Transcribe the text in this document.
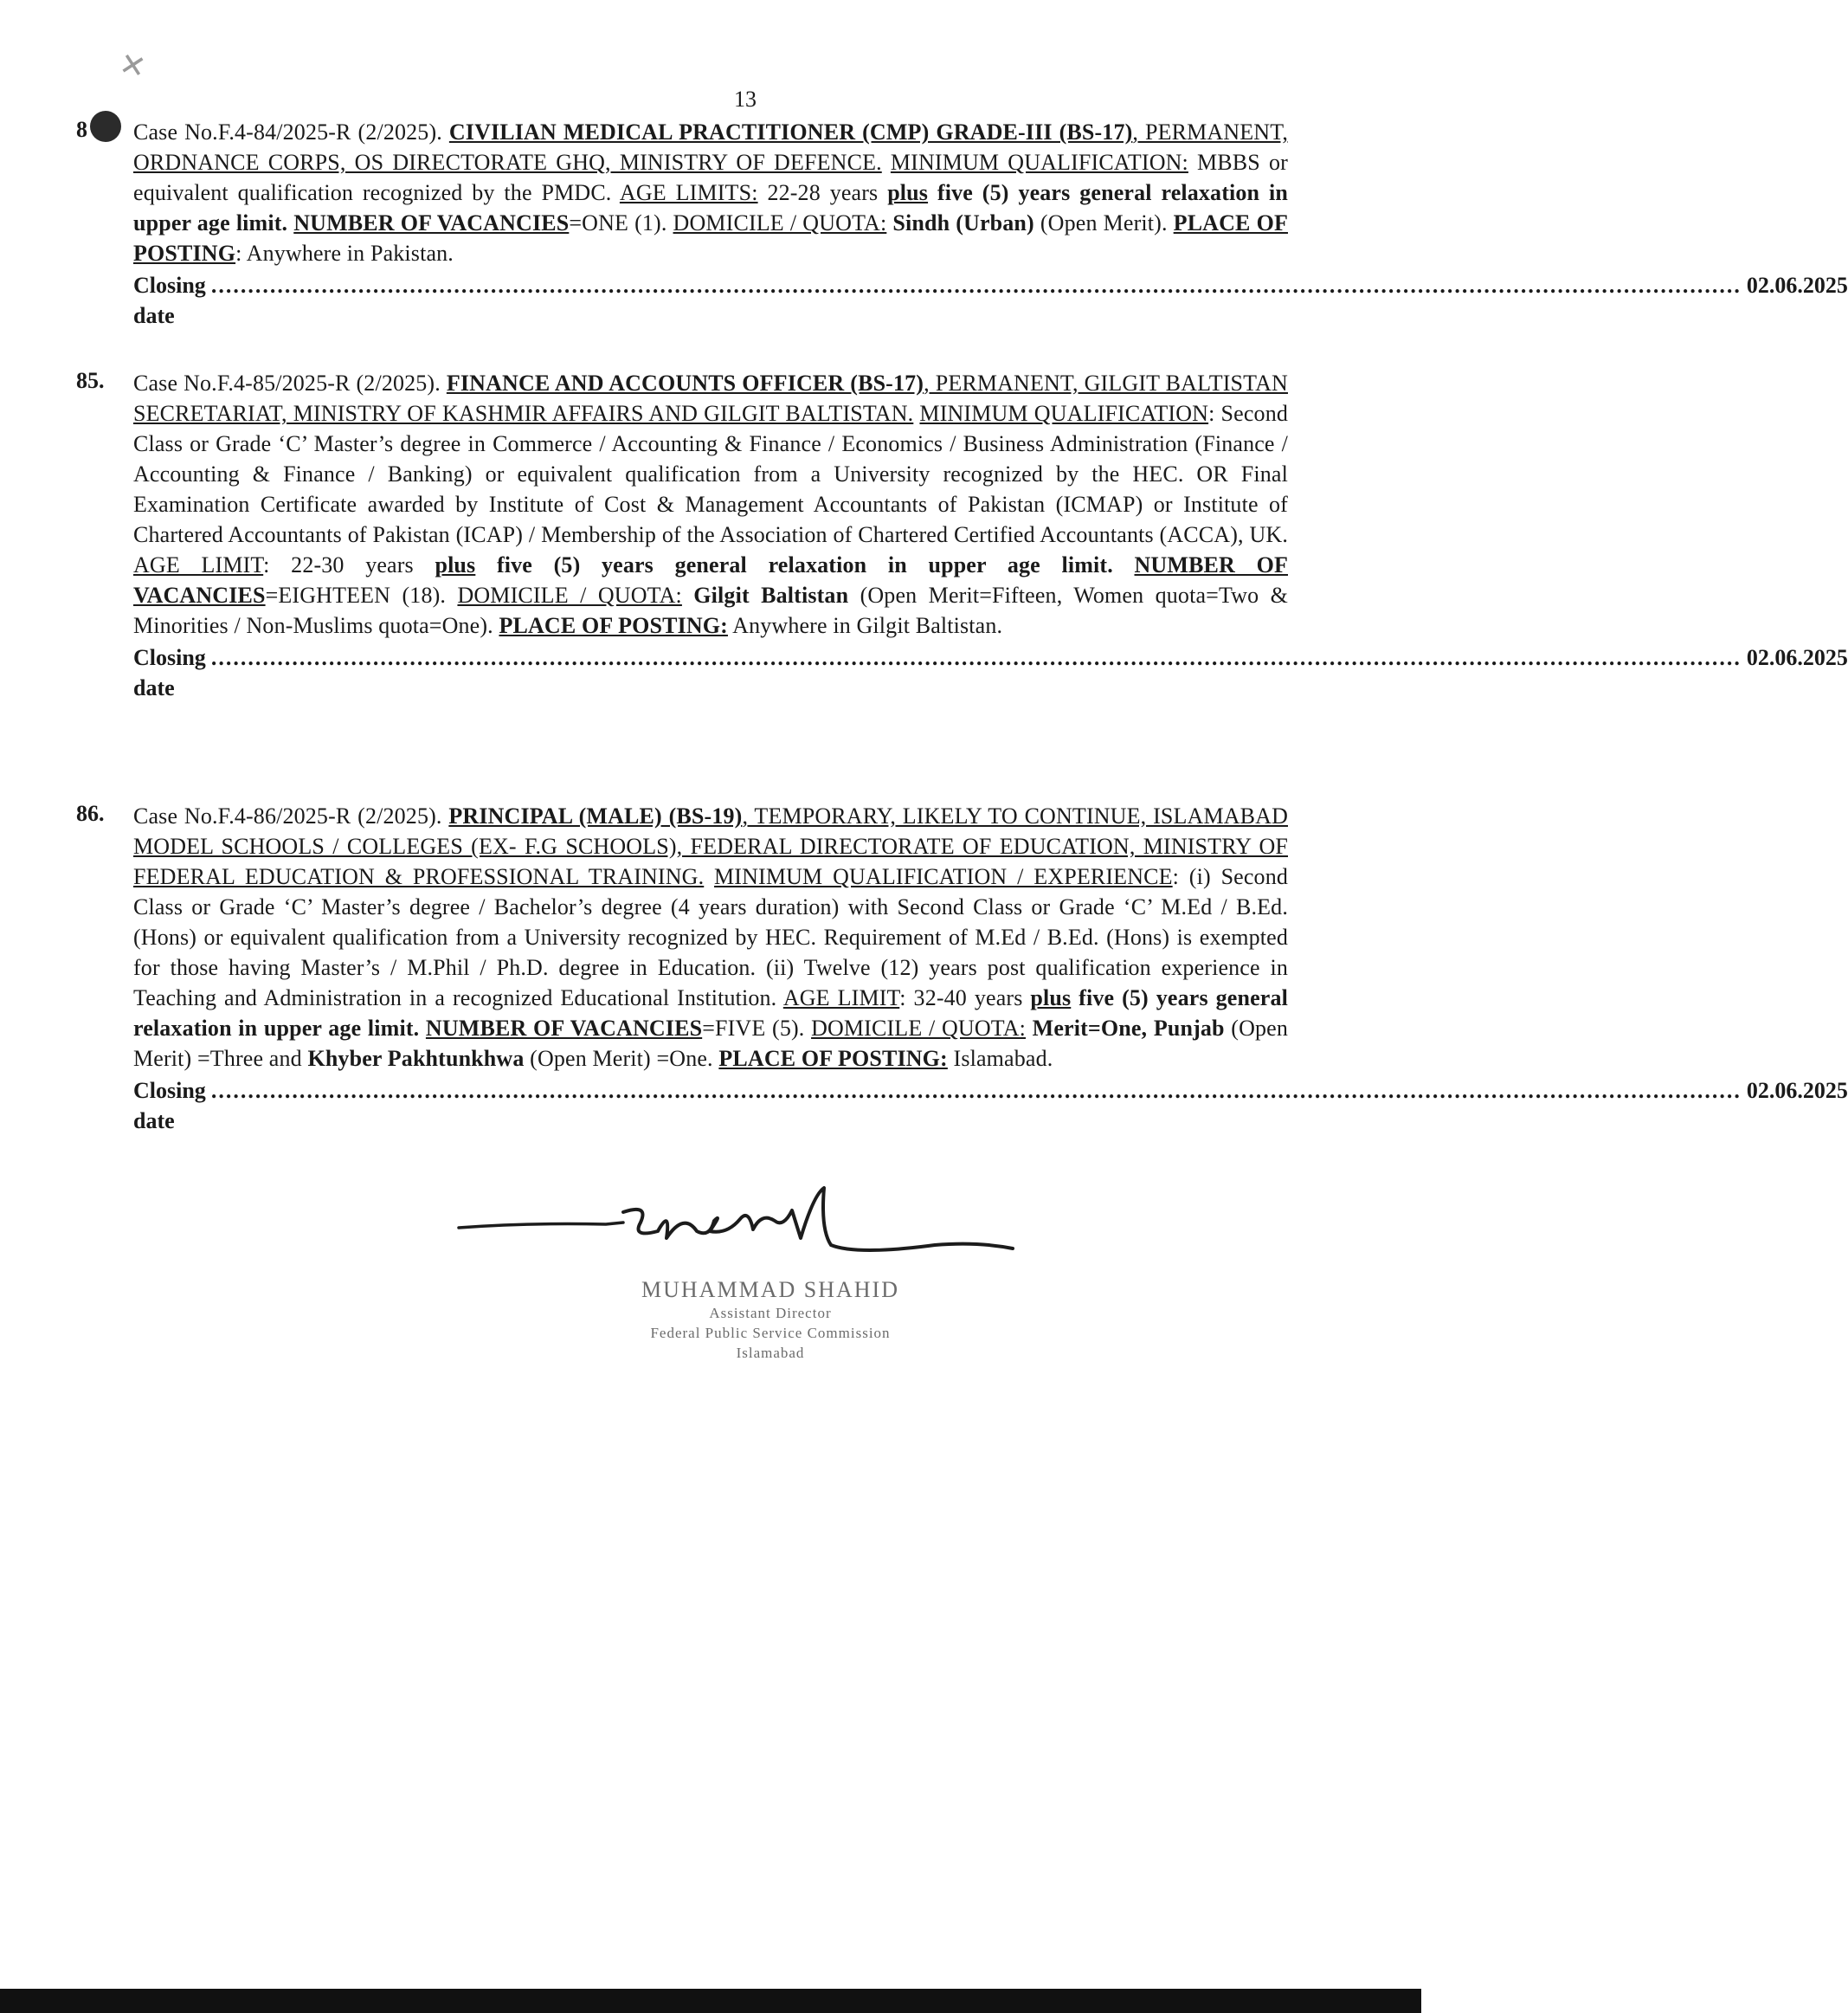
✕
13
8 Case No.F.4-84/2025-R (2/2025). CIVILIAN MEDICAL PRACTITIONER (CMP) GRADE-III (BS-17), PERMANENT, ORDNANCE CORPS, OS DIRECTORATE GHQ, MINISTRY OF DEFENCE. MINIMUM QUALIFICATION: MBBS or equivalent qualification recognized by the PMDC. AGE LIMITS: 22-28 years plus five (5) years general relaxation in upper age limit. NUMBER OF VACANCIES=ONE (1). DOMICILE / QUOTA: Sindh (Urban) (Open Merit). PLACE OF POSTING: Anywhere in Pakistan.
Closing date
................................................................................................................................................................................................................ 02.06.2025
85. Case No.F.4-85/2025-R (2/2025). FINANCE AND ACCOUNTS OFFICER (BS-17), PERMANENT, GILGIT BALTISTAN SECRETARIAT, MINISTRY OF KASHMIR AFFAIRS AND GILGIT BALTISTAN. MINIMUM QUALIFICATION: Second Class or Grade ‘C’ Master’s degree in Commerce / Accounting & Finance / Economics / Business Administration (Finance / Accounting & Finance / Banking) or equivalent qualification from a University recognized by the HEC. OR Final Examination Certificate awarded by Institute of Cost & Management Accountants of Pakistan (ICMAP) or Institute of Chartered Accountants of Pakistan (ICAP) / Membership of the Association of Chartered Certified Accountants (ACCA), UK. AGE LIMIT: 22-30 years plus five (5) years general relaxation in upper age limit. NUMBER OF VACANCIES=EIGHTEEN (18). DOMICILE / QUOTA: Gilgit Baltistan (Open Merit=Fifteen, Women quota=Two & Minorities / Non-Muslims quota=One). PLACE OF POSTING: Anywhere in Gilgit Baltistan.
Closing date
................................................................................................................................................................................................................ 02.06.2025
86. Case No.F.4-86/2025-R (2/2025). PRINCIPAL (MALE) (BS-19), TEMPORARY, LIKELY TO CONTINUE, ISLAMABAD MODEL SCHOOLS / COLLEGES (EX- F.G SCHOOLS), FEDERAL DIRECTORATE OF EDUCATION, MINISTRY OF FEDERAL EDUCATION & PROFESSIONAL TRAINING. MINIMUM QUALIFICATION / EXPERIENCE: (i) Second Class or Grade ‘C’ Master’s degree / Bachelor’s degree (4 years duration) with Second Class or Grade ‘C’ M.Ed / B.Ed. (Hons) or equivalent qualification from a University recognized by HEC. Requirement of M.Ed / B.Ed. (Hons) is exempted for those having Master’s / M.Phil / Ph.D. degree in Education. (ii) Twelve (12) years post qualification experience in Teaching and Administration in a recognized Educational Institution. AGE LIMIT: 32-40 years plus five (5) years general relaxation in upper age limit. NUMBER OF VACANCIES=FIVE (5). DOMICILE / QUOTA: Merit=One, Punjab (Open Merit) =Three and Khyber Pakhtunkhwa (Open Merit) =One. PLACE OF POSTING: Islamabad.
Closing date
................................................................................................................................................................................................................ 02.06.2025
MUHAMMAD SHAHID
Assistant Director
Federal Public Service Commission
Islamabad
